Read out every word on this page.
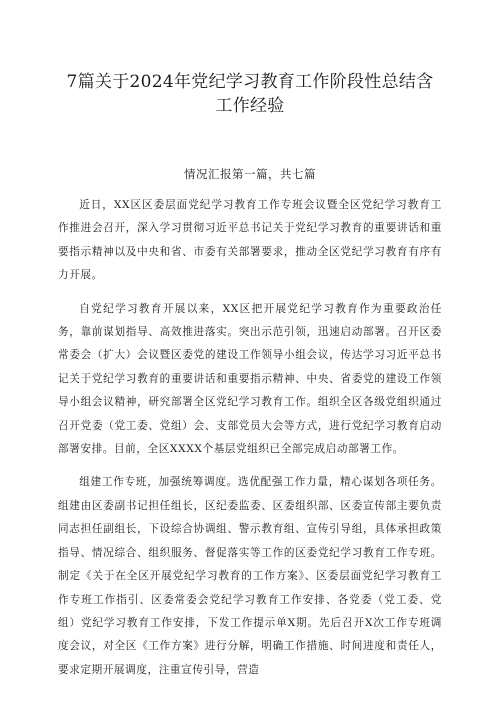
7篇关于2024年党纪学习教育工作阶段性总结含工作经验
情况汇报第一篇，共七篇

近日，XX区区委层面党纪学习教育工作专班会议暨全区党纪学习教育工作推进会召开，深入学习贯彻习近平总书记关于党纪学习教育的重要讲话和重要指示精神以及中央和省、市委有关部署要求，推动全区党纪学习教育有序有力开展。

自党纪学习教育开展以来，XX区把开展党纪学习教育作为重要政治任务，靠前谋划指导、高效推进落实。突出示范引领，迅速启动部署。召开区委常委会（扩大）会议暨区委党的建设工作领导小组会议，传达学习习近平总书记关于党纪学习教育的重要讲话和重要指示精神、中央、省委党的建设工作领导小组会议精神，研究部署全区党纪学习教育工作。组织全区各级党组织通过召开党委（党工委、党组）会、支部党员大会等方式，进行党纪学习教育启动部署安排。目前，全区XXXX个基层党组织已全部完成启动部署工作。

组建工作专班，加强统筹调度。选优配强工作力量，精心谋划各项任务。组建由区委副书记担任组长，区纪委监委、区委组织部、区委宣传部主要负责同志担任副组长，下设综合协调组、警示教育组、宣传引导组，具体承担政策指导、情况综合、组织服务、督促落实等工作的区委党纪学习教育工作专班。制定《关于在全区开展党纪学习教育的工作方案》、区委层面党纪学习教育工作专班工作指引、区委常委会党纪学习教育工作安排、各党委（党工委、党组）党纪学习教育工作安排，下发工作提示单X期。先后召开X次工作专班调度会议，对全区《工作方案》进行分解，明确工作措施、时间进度和责任人，要求定期开展调度，注重宣传引导，营造
